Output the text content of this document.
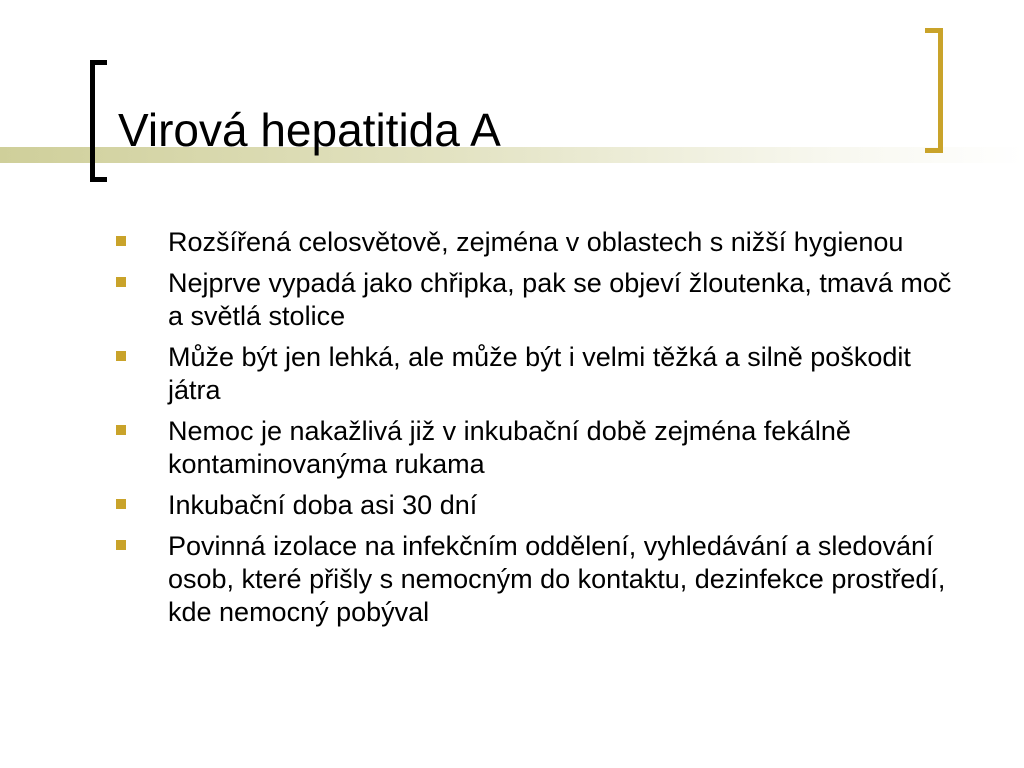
Virová hepatitida A
Rozšířená celosvětově, zejména v oblastech s nižší hygienou
Nejprve vypadá jako chřipka, pak se objeví žloutenka, tmavá moč a světlá stolice
Může být jen lehká, ale může být i velmi těžká a silně poškodit játra
Nemoc je nakažlivá již v inkubační době zejména fekálně kontaminovanýma rukama
Inkubační doba asi 30 dní
Povinná izolace na infekčním oddělení, vyhledávání a sledování osob, které přišly s nemocným do kontaktu, dezinfekce prostředí, kde nemocný pobýval
